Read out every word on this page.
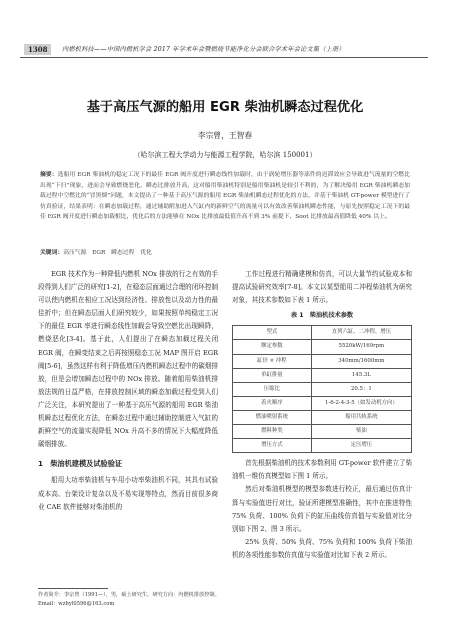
1308	内燃机科技——中国内燃机学会 2017 年学术年会暨燃烧节能净化分会联合学术年会论文集（上册）
基于高压气源的船用 EGR 柴油机瞬态过程优化
李宗曾，王智春
（哈尔滨工程大学动力与能源工程学院，哈尔滨 150001）
摘要：选船用 EGR 柴油机的稳定工况下的最佳 EGR 阀开度进行瞬态线性加载时，由于涡轮增压器等部件的迟滞效应会导致进气流量的空燃比出现“下扫”现象，进而会导致燃烧恶化，瞬态比排放升高，这对船用柴油机特别是船用柴油机是较引不利的，为了解决船用 EGR 柴油机瞬态加载过程中空燃比的“冒黑烟”问题，本文提出了一种基于高压气源的船用 EGR 柴油机瞬态过程优化的方法，并基于柴油机 GT-power 模型进行了仿真验证，结果表明：在瞬态加载过程，通过辅助附加进入气缸内的新鲜空气的流量可以有效改善柴油机瞬态性能，与原先按照稳定工况下的最佳 EGR 阀开度进行瞬态加载相比，优化后的方法能够在 NOx 比排放最低值升高不到 3% 前提下，Soot 比排放最高值降低 40% 以上。
关键词：高压气源　EGR　瞬态过程　优化

EGR 技术作为一种降低内燃机 NOx 排放的行之有效的手段得到人们广泛的研究[1-2]，在稳态层面通过合理的闭环控制可以使内燃机在相应工况达到经济性、排放性以及动力性的最佳折中；但在瞬态层面人们研究较少，如果按照单纯稳定工况下的最佳 EGR 率进行瞬态线性加载会导致空燃比出现瞬降，燃烧恶化[3-4]。基于此，人们提出了在瞬态加载过程关闭 EGR 阀，在瞬变结束之后再按照稳态工况 MAP 图开启 EGR 阀[5-6]，虽然这样有利于降低增压内燃机瞬态过程中的碳烟排放，但是会增加瞬态过程中的 NOx 排放。随着船用柴油机排放法规的日益严格，在排放控制区域的瞬态加载过程受到人们广泛关注，本研究提出了一种基于高压气源的船用 EGR 柴油机瞬态过程优化方法，在瞬态过程中通过辅助控制进入气缸的新鲜空气的流量实现降低 NOx 升高不多的情况下大幅度降低碳烟排放。

1　柴油机建模及试验验证

船用大功率柴油机与车用小功率柴油机不同，其具有试验成本高、台架设计复杂以及不易实现等特点，然而目前很多商业 CAE 软件能够对柴油机的

工作过程进行精确建模和仿真，可以大量节约试验成本和提高试验研究效率[7-8]。本文以某型船用二冲程柴油机为研究对象，其技术参数如下表 1 所示。

表 1　柴油机技术参数
型式	直列六缸、二冲程、增压
额定参数	5520kW/169rpm
缸径 × 冲程	340mm/1600mm
单缸排量	145.3L
压缩比	20.5：1
着火顺序	1-6-2-4-3-5（如发动机方向）
燃油喷射系统	船用共轨系统
燃料种类	柴油
增压方式	定压增压

首先根据柴油机的技术参数利用 GT-power 软件建立了柴油机一维仿真模型如下图 1 所示。

然后对柴油机模型的模型参数进行校正，最后通过仿真计算与实验值进行对比，验证所建模型准确性，其中在推进特性 75% 负荷、100% 负荷下的缸压曲线仿真值与实验值对比分别如下图 2、图 3 所示。

25% 负荷、50% 负荷、75% 负荷和 100% 负荷下柴油机的各项性能参数仿真值与实验值对比如下表 2 所示。

作者简介：李宗曾（1991—），男，硕士研究生，研究方向：内燃机排放控制。
Email：wzhyl0596@163.com
